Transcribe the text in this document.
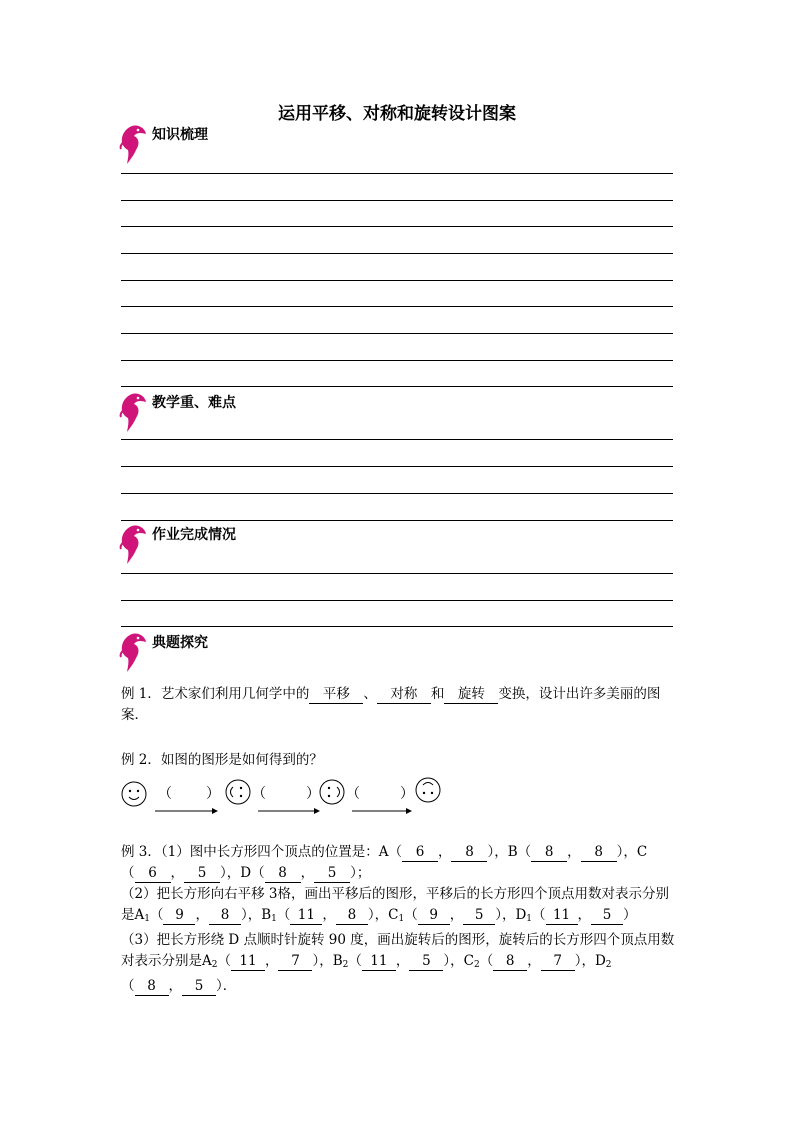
运用平移、对称和旋转设计图案
知识梳理
教学重、难点
作业完成情况
典题探究
例 1．艺术家们利用几何学中的 平移 、 对称 和 旋转 变换，设计出许多美丽的图案．
例 2．如图的图形是如何得到的？
（ ） （	） （	）
例 3．（1）图中长方形四个顶点的位置是：A（ 6 ， 8 ），B（ 8 ， 8 ），C
（ 6 ， 5 ），D（ 8 ， 5 ）；
（2）把长方形向右平移 3格，画出平移后的图形，平移后的长方形四个顶点用数对表示分别是$A_1$（ 9 ， 8 ），$B_1$（ 11 ， 8 ），$C_1$（ 9 ， 5 ），$D_1$（ 11 ， 5 ）
（3）把长方形绕 D 点顺时针旋转 90 度，画出旋转后的图形，旋转后的长方形四个顶点用数对表示分别是$A_2$（ 11 ， 7 ），$B_2$（ 11 ， 5 ），$C_2$（ 8 ， 7 ），$D_2$
（ 8 ， 5 ）．
